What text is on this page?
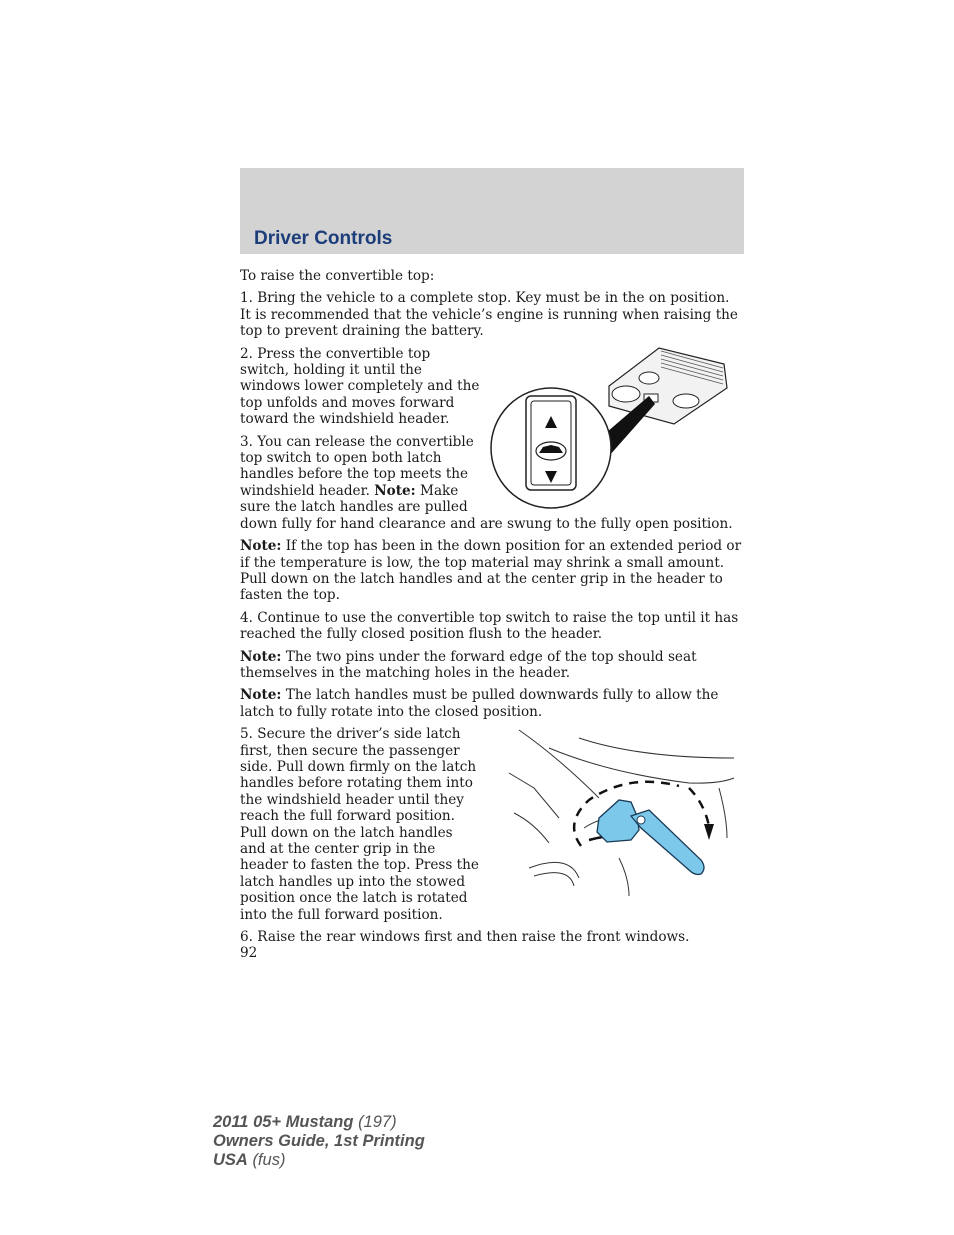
Driver Controls

To raise the convertible top:

1. Bring the vehicle to a complete stop. Key must be in the on position. It is recommended that the vehicle’s engine is running when raising the top to prevent draining the battery.

2. Press the convertible top switch, holding it until the windows lower completely and the top unfolds and moves forward toward the windshield header.

3. You can release the convertible top switch to open both latch handles before the top meets the windshield header. Note: Make sure the latch handles are pulled down fully for hand clearance and are swung to the fully open position.

Note: If the top has been in the down position for an extended period or if the temperature is low, the top material may shrink a small amount. Pull down on the latch handles and at the center grip in the header to fasten the top.

4. Continue to use the convertible top switch to raise the top until it has reached the fully closed position flush to the header.

Note: The two pins under the forward edge of the top should seat themselves in the matching holes in the header.

Note: The latch handles must be pulled downwards fully to allow the latch to fully rotate into the closed position.

5. Secure the driver’s side latch first, then secure the passenger side. Pull down firmly on the latch handles before rotating them into the windshield header until they reach the full forward position. Pull down on the latch handles and at the center grip in the header to fasten the top. Press the latch handles up into the stowed position once the latch is rotated into the full forward position.

6. Raise the rear windows first and then raise the front windows.

92

2011 05+ Mustang (197)
Owners Guide, 1st Printing
USA (fus)
